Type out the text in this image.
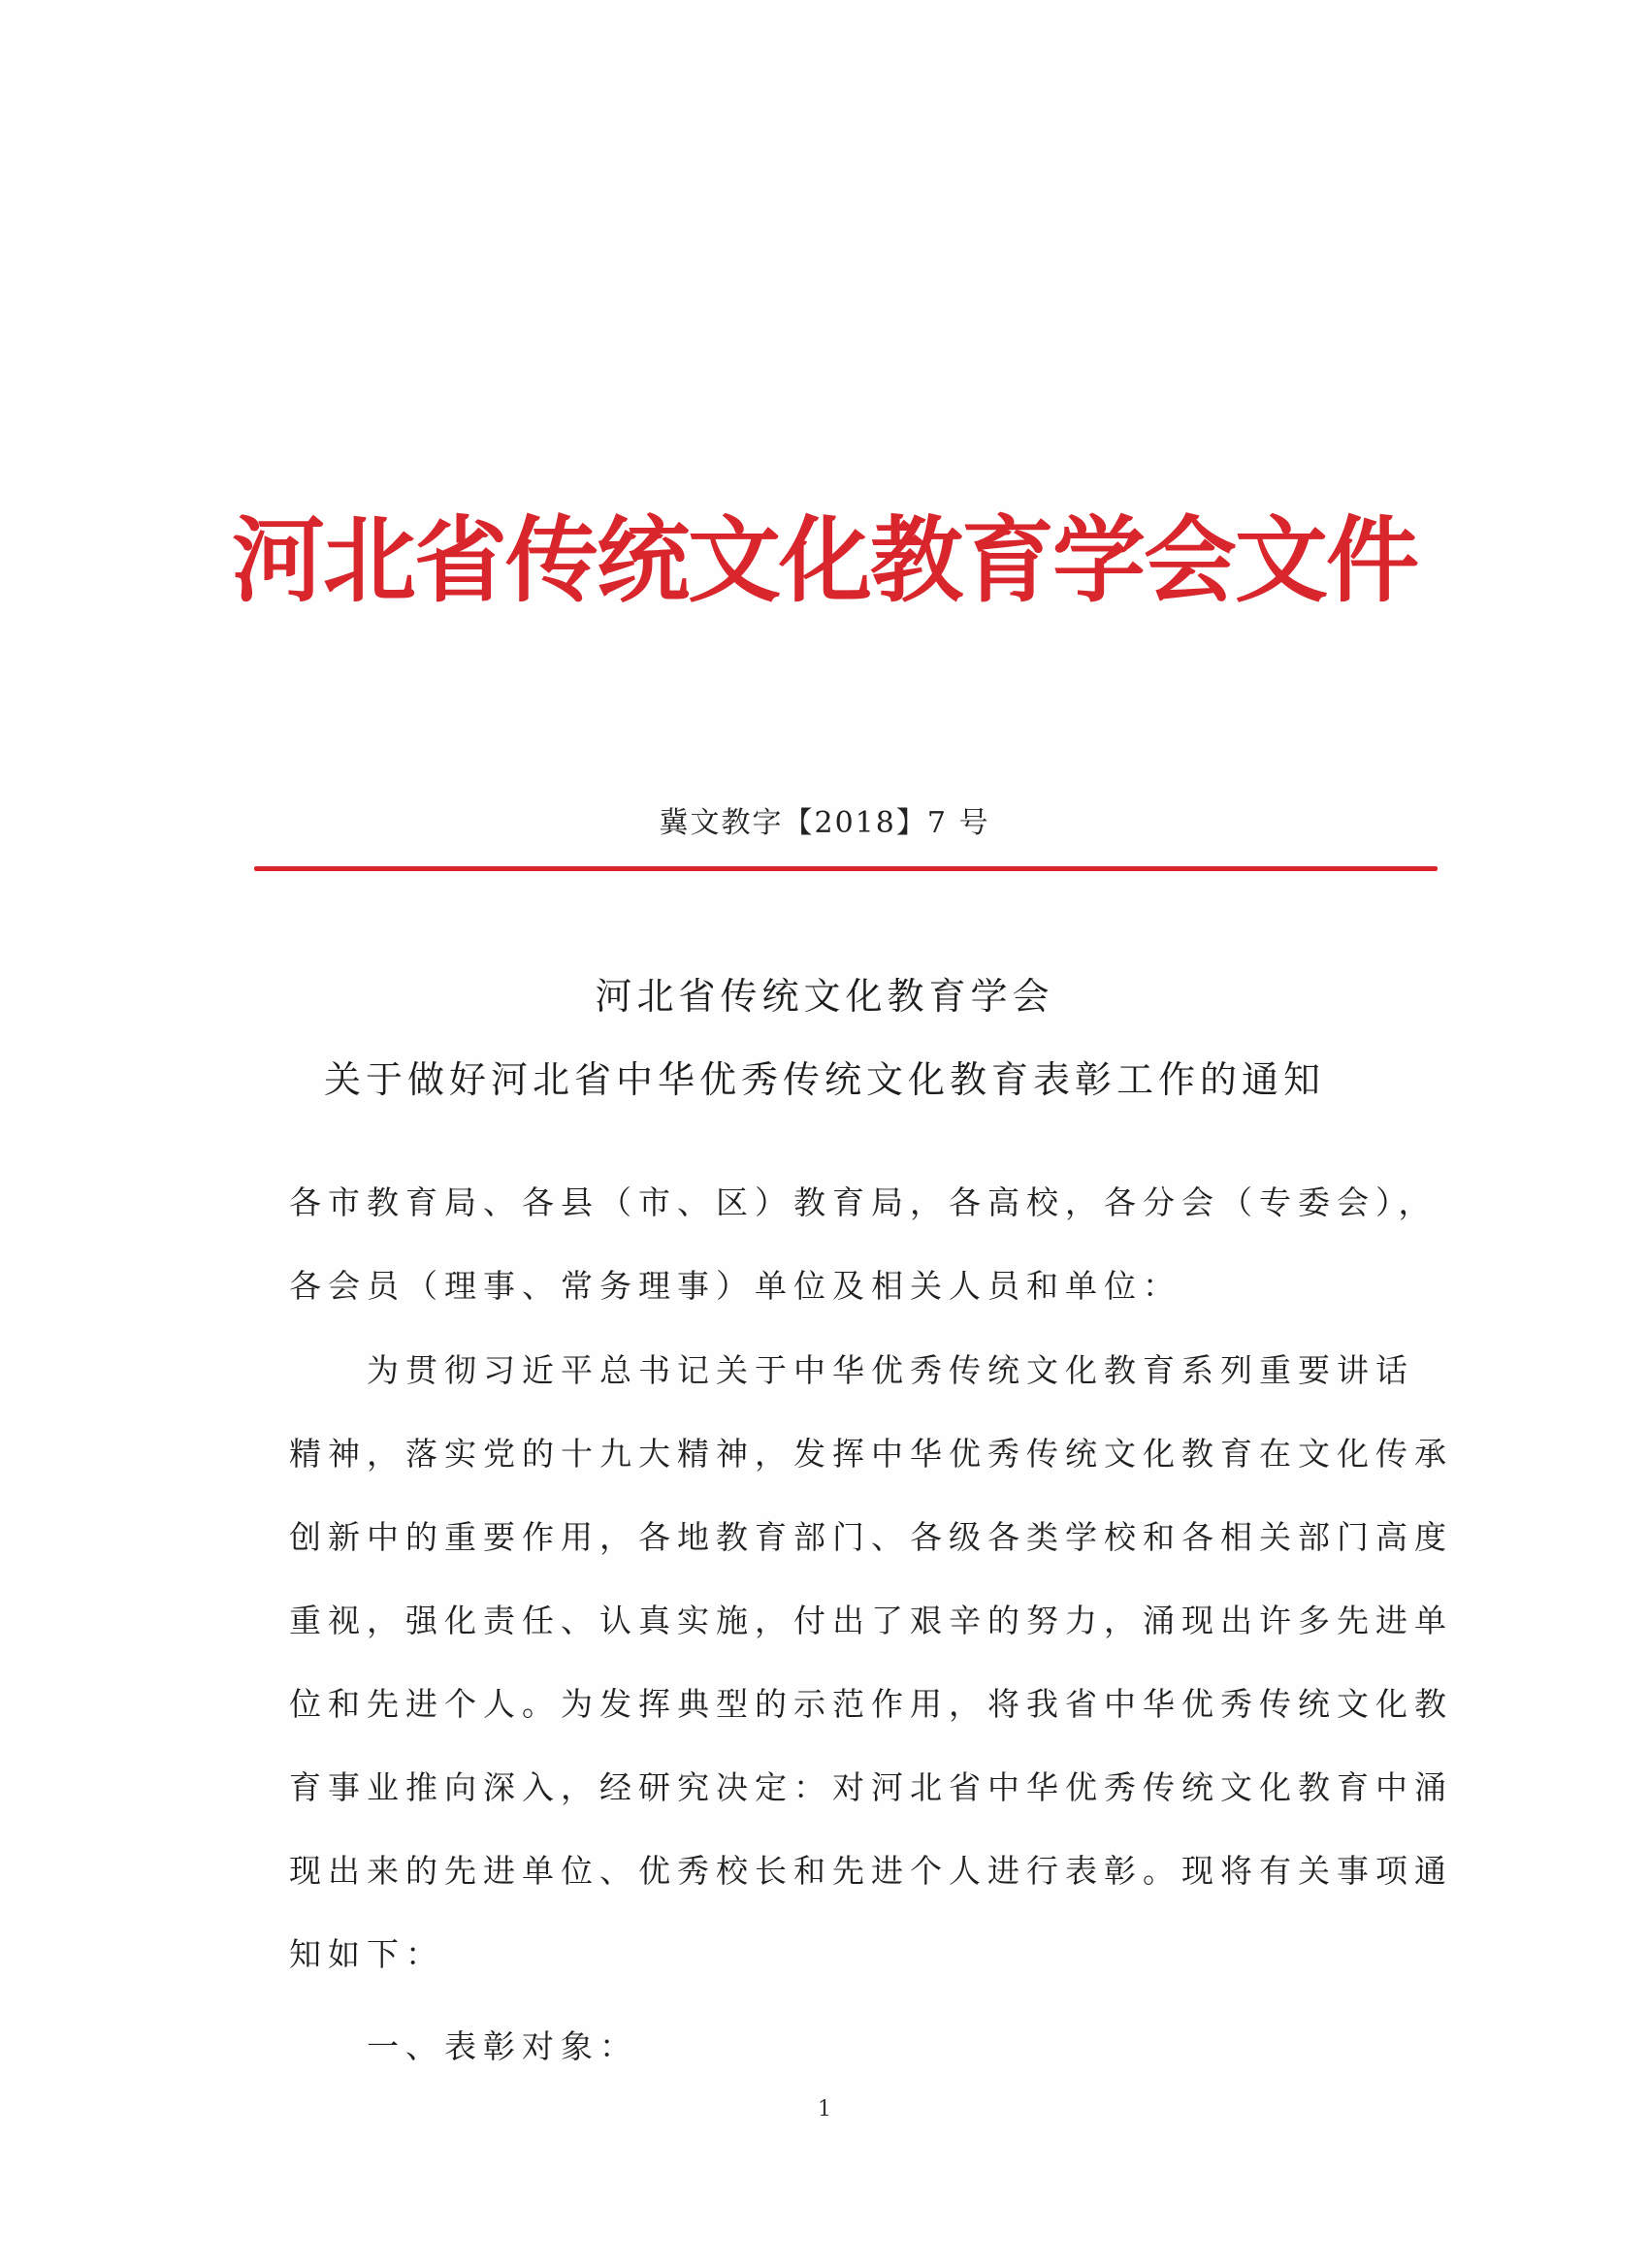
河北省传统文化教育学会文件
冀文教字【2018】7 号
河北省传统文化教育学会
关于做好河北省中华优秀传统文化教育表彰工作的通知
各市教育局、各县（市、区）教育局，各高校，各分会（专委会），
各会员（理事、常务理事）单位及相关人员和单位：
为贯彻习近平总书记关于中华优秀传统文化教育系列重要讲话
精神，落实党的十九大精神，发挥中华优秀传统文化教育在文化传承
创新中的重要作用，各地教育部门、各级各类学校和各相关部门高度
重视，强化责任、认真实施，付出了艰辛的努力，涌现出许多先进单
位和先进个人。为发挥典型的示范作用，将我省中华优秀传统文化教
育事业推向深入，经研究决定：对河北省中华优秀传统文化教育中涌
现出来的先进单位、优秀校长和先进个人进行表彰。现将有关事项通
知如下：
一、表彰对象：
1
